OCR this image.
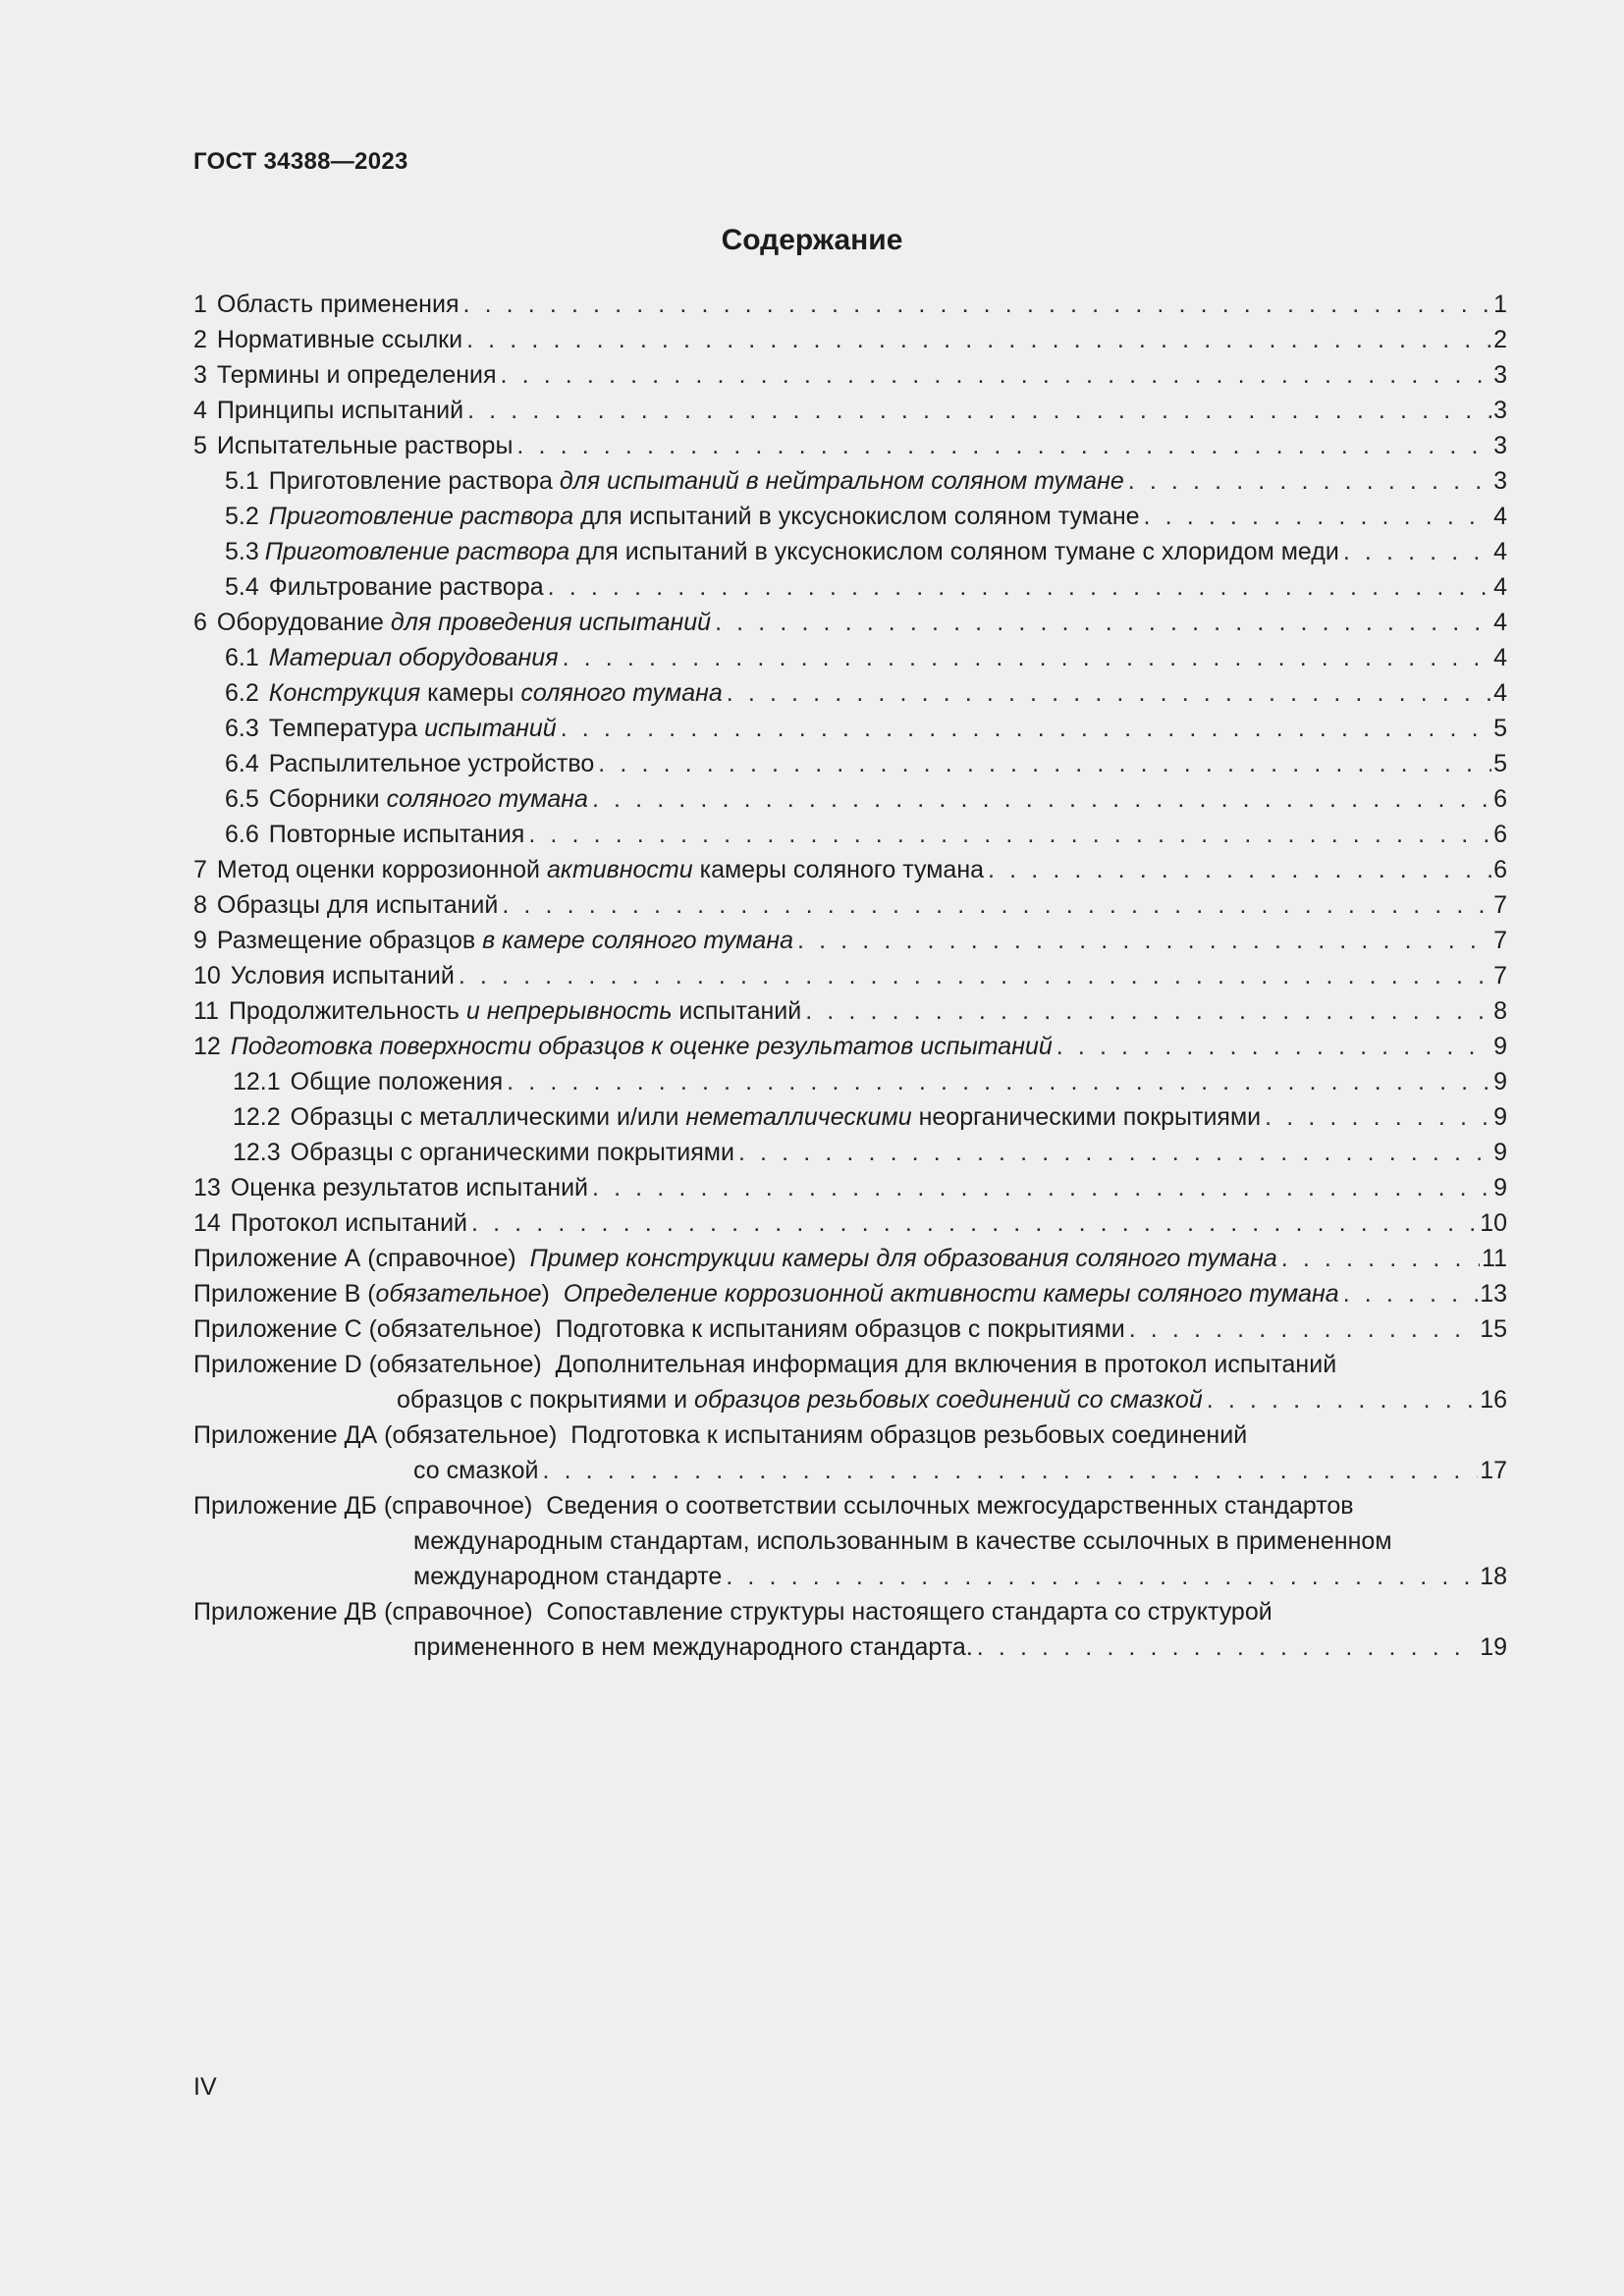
ГОСТ 34388—2023
Содержание
1 Область применения . . .	1
2 Нормативные ссылки . . .	2
3 Термины и определения . . .	3
4 Принципы испытаний . . .	3
5 Испытательные растворы . . .	3
5.1 Приготовление раствора для испытаний в нейтральном соляном тумане . . .	3
5.2 Приготовление раствора для испытаний в уксуснокислом соляном тумане . . .	4
5.3 Приготовление раствора для испытаний в уксуснокислом соляном тумане с хлоридом меди . . .	4
5.4 Фильтрование раствора . . .	4
6 Оборудование для проведения испытаний . . .	4
6.1 Материал оборудования . . .	4
6.2 Конструкция камеры соляного тумана . . .	4
6.3 Температура испытаний . . .	5
6.4 Распылительное устройство . . .	5
6.5 Сборники соляного тумана . . .	6
6.6 Повторные испытания . . .	6
7 Метод оценки коррозионной активности камеры соляного тумана . . .	6
8 Образцы для испытаний . . .	7
9 Размещение образцов в камере соляного тумана . . .	7
10 Условия испытаний . . .	7
11 Продолжительность и непрерывность испытаний . . .	8
12 Подготовка поверхности образцов к оценке результатов испытаний . . .	9
12.1 Общие положения . . .	9
12.2 Образцы с металлическими и/или неметаллическими неорганическими покрытиями . . .	9
12.3 Образцы с органическими покрытиями . . .	9
13 Оценка результатов испытаний . . .	9
14 Протокол испытаний . . .	10
Приложение А (справочное) Пример конструкции камеры для образования соляного тумана . . .	11
Приложение В (обязательное) Определение коррозионной активности камеры соляного тумана . . .	13
Приложение С (обязательное) Подготовка к испытаниям образцов с покрытиями . . .	15
Приложение D (обязательное) Дополнительная информация для включения в протокол испытаний
образцов с покрытиями и образцов резьбовых соединений со смазкой . . .	16
Приложение ДА (обязательное) Подготовка к испытаниям образцов резьбовых соединений
со смазкой . . .	17
Приложение ДБ (справочное) Сведения о соответствии ссылочных межгосударственных стандартов
международным стандартам, использованным в качестве ссылочных в примененном
международном стандарте . . .	18
Приложение ДВ (справочное) Сопоставление структуры настоящего стандарта со структурой
примененного в нем международного стандарта. . . .	19
IV
